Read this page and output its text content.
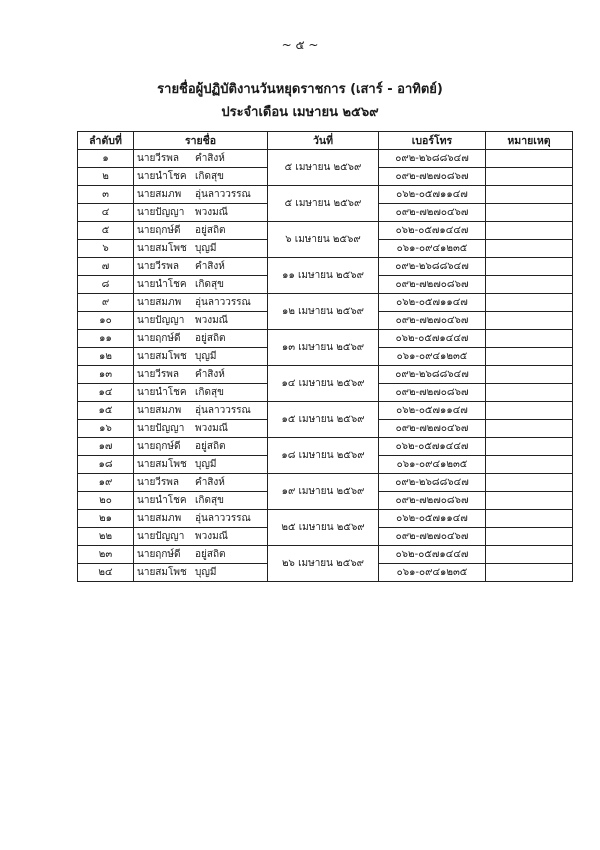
~ ๕ ~
รายชื่อผู้ปฏิบัติงานวันหยุดราชการ (เสาร์ - อาทิตย์)
ประจำเดือน เมษายน ๒๕๖๙
ลำดับที่	รายชื่อ	วันที่	เบอร์โทร	หมายเหตุ
๑	นายวีรพล คำสิงห์	๕ เมษายน ๒๕๖๙	๐๙๒-๒๖๘๘๖๔๗	
๒	นายนำโชค เกิดสุข		๐๙๒-๗๒๗๐๘๖๗	
๓	นายสมภพ อุ่นลาววรรณ	๕ เมษายน ๒๕๖๙	๐๖๒-๐๕๗๑๑๔๗	
๔	นายปัญญา พวงมณี		๐๙๒-๗๒๗๐๔๖๗	
๕	นายฤกษ์ดี อยู่สถิต	๖ เมษายน ๒๕๖๙	๐๖๒-๐๕๗๑๔๔๗	
๖	นายสมโพช บุญมี		๐๖๑-๐๙๔๑๒๓๕	
๗	นายวีรพล คำสิงห์	๑๑ เมษายน ๒๕๖๙	๐๙๒-๒๖๘๘๖๔๗	
๘	นายนำโชค เกิดสุข		๐๙๒-๗๒๗๐๘๖๗	
๙	นายสมภพ อุ่นลาววรรณ	๑๒ เมษายน ๒๕๖๙	๐๖๒-๐๕๗๑๑๔๗	
๑๐	นายปัญญา พวงมณี		๐๙๒-๗๒๗๐๔๖๗	
๑๑	นายฤกษ์ดี อยู่สถิต	๑๓ เมษายน ๒๕๖๙	๐๖๒-๐๕๗๑๔๔๗	
๑๒	นายสมโพช บุญมี		๐๖๑-๐๙๔๑๒๓๕	
๑๓	นายวีรพล คำสิงห์	๑๔ เมษายน ๒๕๖๙	๐๙๒-๒๖๘๘๖๔๗	
๑๔	นายนำโชค เกิดสุข		๐๙๒-๗๒๗๐๘๖๗	
๑๕	นายสมภพ อุ่นลาววรรณ	๑๕ เมษายน ๒๕๖๙	๐๖๒-๐๕๗๑๑๔๗	
๑๖	นายปัญญา พวงมณี		๐๙๒-๗๒๗๐๔๖๗	
๑๗	นายฤกษ์ดี อยู่สถิต	๑๘ เมษายน ๒๕๖๙	๐๖๒-๐๕๗๑๔๔๗	
๑๘	นายสมโพช บุญมี		๐๖๑-๐๙๔๑๒๓๕	
๑๙	นายวีรพล คำสิงห์	๑๙ เมษายน ๒๕๖๙	๐๙๒-๒๖๘๘๖๔๗	
๒๐	นายนำโชค เกิดสุข		๐๙๒-๗๒๗๐๘๖๗	
๒๑	นายสมภพ อุ่นลาววรรณ	๒๕ เมษายน ๒๕๖๙	๐๖๒-๐๕๗๑๑๔๗	
๒๒	นายปัญญา พวงมณี		๐๙๒-๗๒๗๐๔๖๗	
๒๓	นายฤกษ์ดี อยู่สถิต	๒๖ เมษายน ๒๕๖๙	๐๖๒-๐๕๗๑๔๔๗	
๒๔	นายสมโพช บุญมี		๐๖๑-๐๙๔๑๒๓๕	
